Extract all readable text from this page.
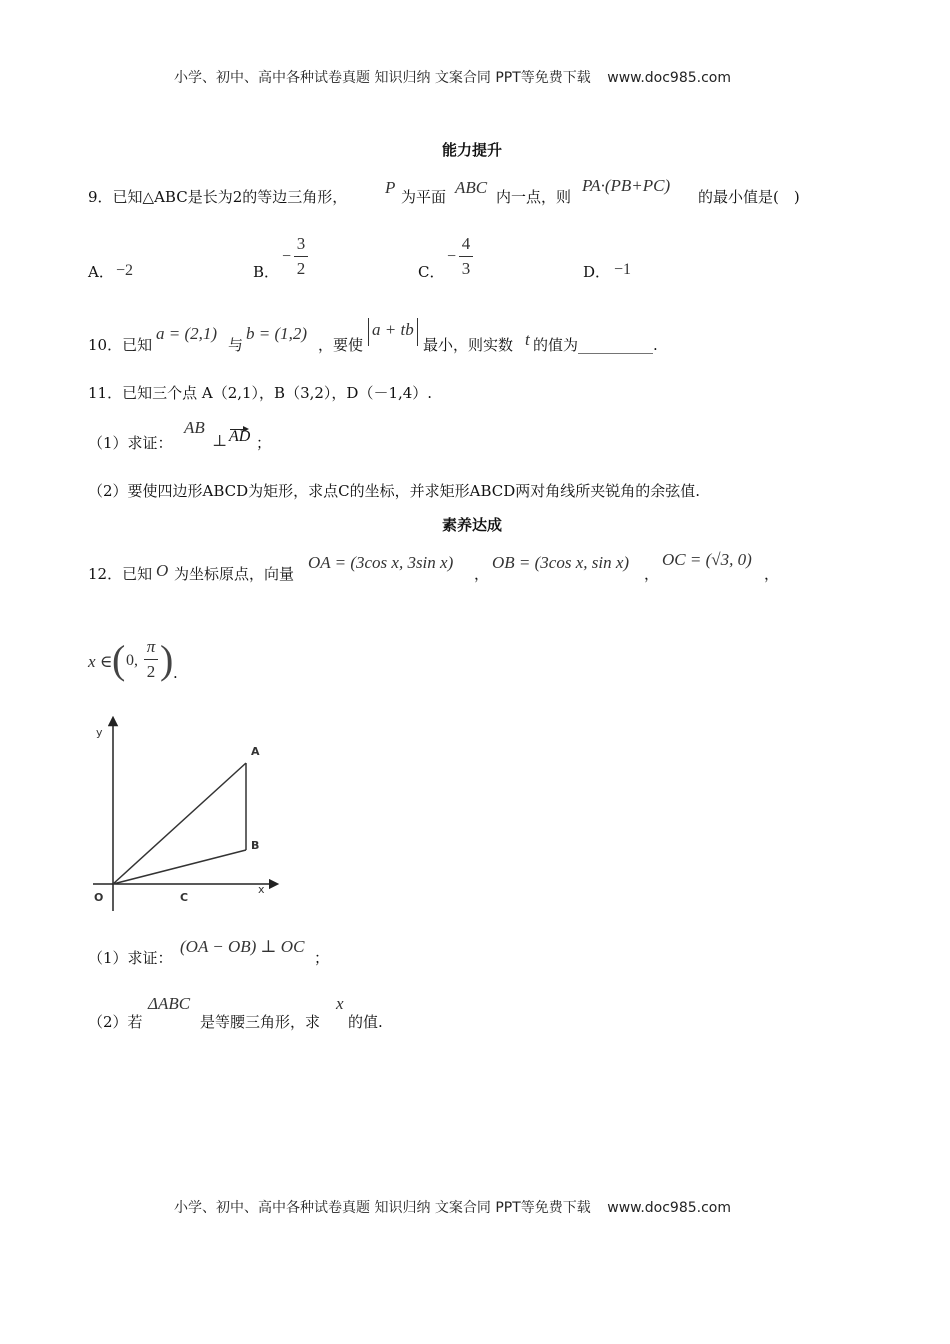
小学、初中、高中各种试卷真题 知识归纳 文案合同 PPT等免费下载 www.doc985.com
能力提升
9．已知△ABC是长为2的等边三角形， P 为平面 ABC 内一点，则
PA·(PB+PC)
的最小值是(　)
A． −2	B．
−
3
2	C．
−
4
3	D． −1
10．已知
a = (2,1)
与
b = (1,2)
，要使
a + tb
最小，则实数 t 的值为__________.
11．已知三个点 A（2,1），B（3,2），D（－1,4）.
（1）求证：
AB
⊥ AD ；
（2）要使四边形ABCD为矩形，求点C的坐标，并求矩形ABCD两对角线所夹锐角的余弦值.
素养达成
12．已知 O 为坐标原点，向量
OA = (3cos x, 3sin x)
，
OB = (3cos x, sin x)
，
OC = (√3, 0)
，
x ∈ ( 0,
π
2 ) .
y
x
O
A
B
C
（1）求证：
(OA − OB) ⊥ OC
；
（2）若
ΔABC
是等腰三角形，求
x
的值.
小学、初中、高中各种试卷真题 知识归纳 文案合同 PPT等免费下载 www.doc985.com
